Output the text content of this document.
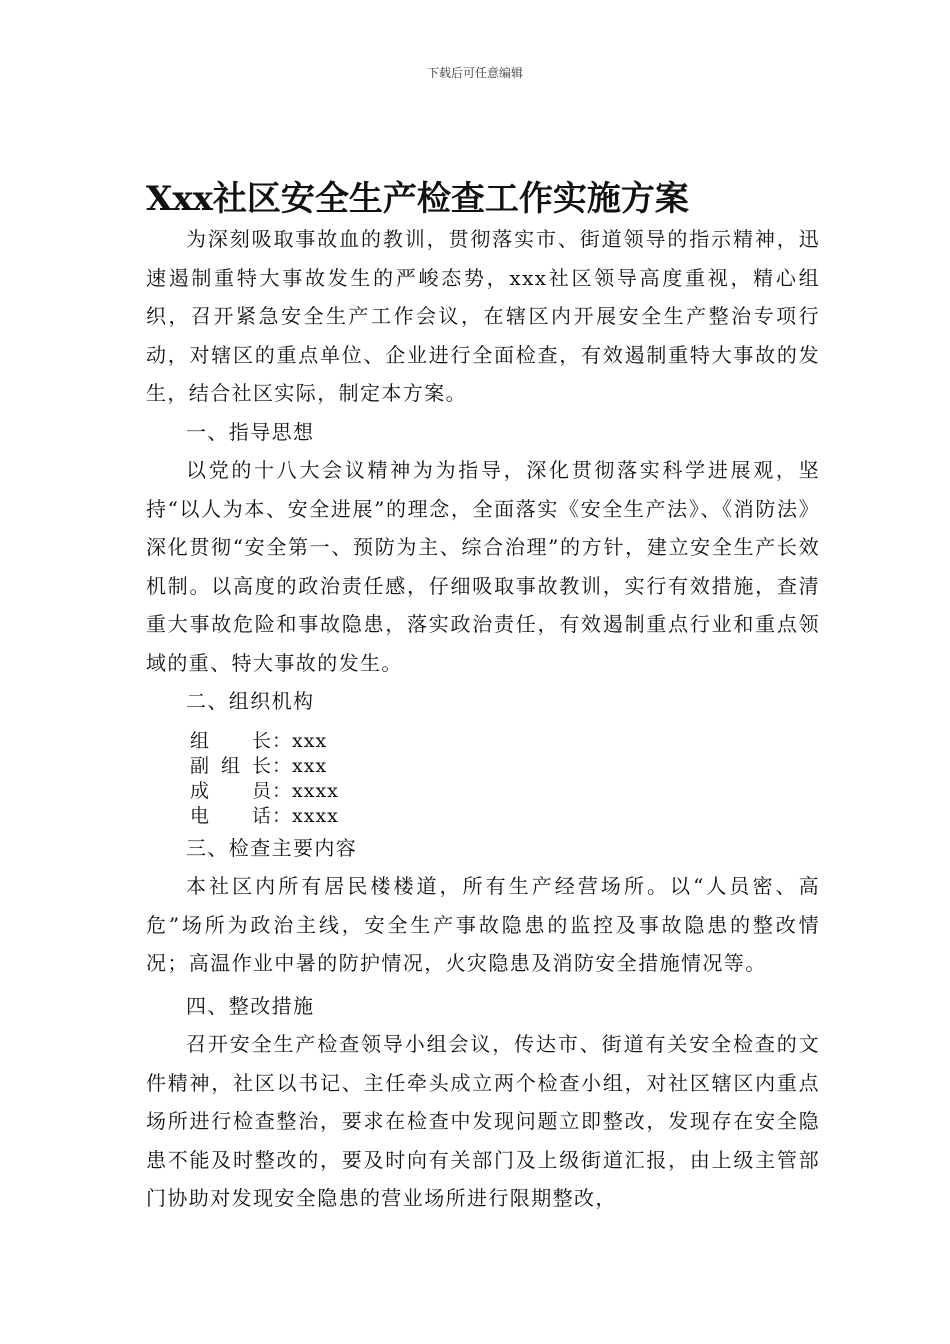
下载后可任意编辑
Xxx社区安全生产检查工作实施方案

为深刻吸取事故血的教训，贯彻落实市、街道领导的指示精神，迅速遏制重特大事故发生的严峻态势，xxx社区领导高度重视，精心组织，召开紧急安全生产工作会议，在辖区内开展安全生产整治专项行动，对辖区的重点单位、企业进行全面检查，有效遏制重特大事故的发生，结合社区实际，制定本方案。

一、指导思想

以党的十八大会议精神为为指导，深化贯彻落实科学进展观，坚持“以人为本、安全进展”的理念，全面落实《安全生产法》、《消防法》深化贯彻“安全第一、预防为主、综合治理”的方针，建立安全生产长效机制。以高度的政治责任感，仔细吸取事故教训，实行有效措施，查清重大事故危险和事故隐患，落实政治责任，有效遏制重点行业和重点领域的重、特大事故的发生。

二、组织机构

组长：xxx
副组长：xxx
成员：xxxx
电话：xxxx

三、检查主要内容

本社区内所有居民楼楼道，所有生产经营场所。以“人员密、高危”场所为政治主线，安全生产事故隐患的监控及事故隐患的整改情况；高温作业中暑的防护情况，火灾隐患及消防安全措施情况等。

四、整改措施

召开安全生产检查领导小组会议，传达市、街道有关安全检查的文件精神，社区以书记、主任牵头成立两个检查小组，对社区辖区内重点场所进行检查整治，要求在检查中发现问题立即整改，发现存在安全隐患不能及时整改的，要及时向有关部门及上级街道汇报，由上级主管部门协助对发现安全隐患的营业场所进行限期整改，
